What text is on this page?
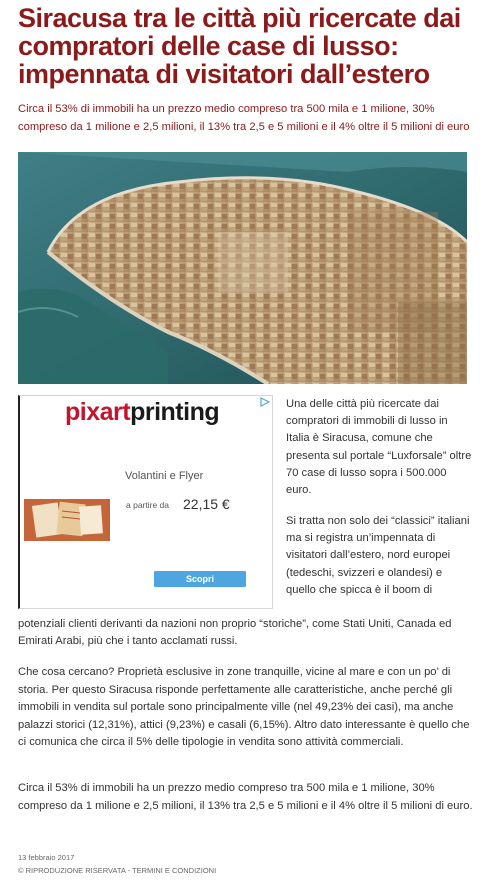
Siracusa tra le città più ricercate dai compratori delle case di lusso: impennata di visitatori dall’estero

Circa il 53% di immobili ha un prezzo medio compreso tra 500 mila e 1 milione, 30% compreso da 1 milione e 2,5 milioni, il 13% tra 2,5 e 5 milioni e il 4% oltre il 5 milioni di euro

pixartprinting
Volantini e Flyer
a partire da 22,15 €
Scopri

Una delle città più ricercate dai compratori di immobili di lusso in Italia è Siracusa, comune che presenta sul portale “Luxforsale” oltre 70 case di lusso sopra i 500.000 euro.

Si tratta non solo dei “classici” italiani ma si registra un’impennata di visitatori dall’estero, nord europei (tedeschi, svizzeri e olandesi) e quello che spicca è il boom di

potenziali clienti derivanti da nazioni non proprio “storiche”, come Stati Uniti, Canada ed Emirati Arabi, più che i tanto acclamati russi.

Che cosa cercano? Proprietà esclusive in zone tranquille, vicine al mare e con un po’ di storia. Per questo Siracusa risponde perfettamente alle caratteristiche, anche perché gli immobili in vendita sul portale sono principalmente ville (nel 49,23% dei casi), ma anche palazzi storici (12,31%), attici (9,23%) e casali (6,15%). Altro dato interessante è quello che ci comunica che circa il 5% delle tipologie in vendita sono attività commerciali.

Circa il 53% di immobili ha un prezzo medio compreso tra 500 mila e 1 milione, 30% compreso da 1 milione e 2,5 milioni, il 13% tra 2,5 e 5 milioni e il 4% oltre il 5 milioni di euro.

13 febbraio 2017
© RIPRODUZIONE RISERVATA - TERMINI E CONDIZIONI
